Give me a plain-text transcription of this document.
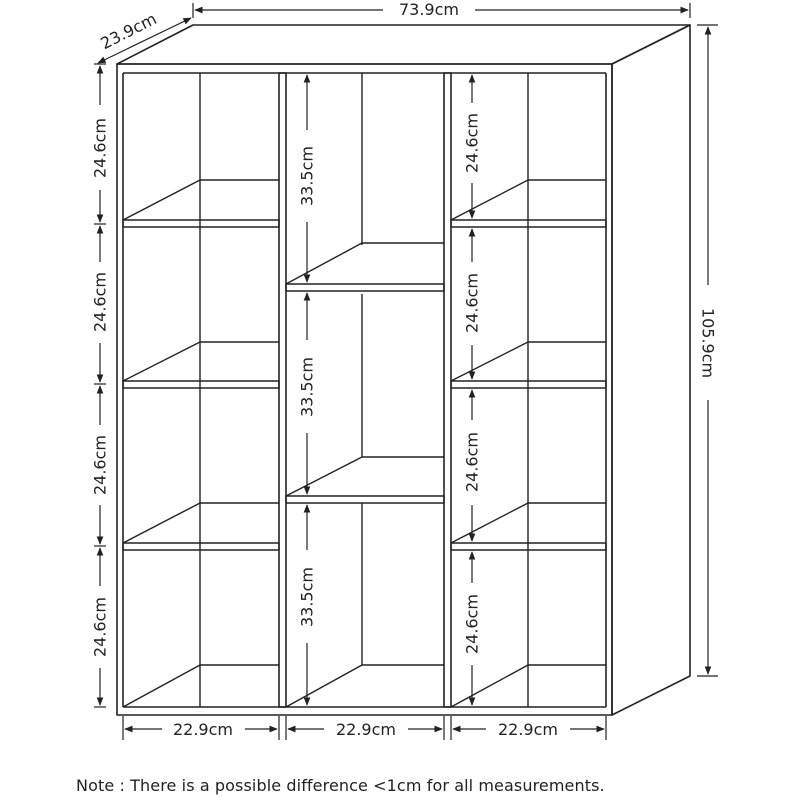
73.9cm
23.9cm
105.9cm
24.6cm
24.6cm
24.6cm
24.6cm
33.5cm
33.5cm
33.5cm
24.6cm
24.6cm
24.6cm
24.6cm
22.9cm	22.9cm	22.9cm
Note : There is a possible difference <1cm for all measurements.
